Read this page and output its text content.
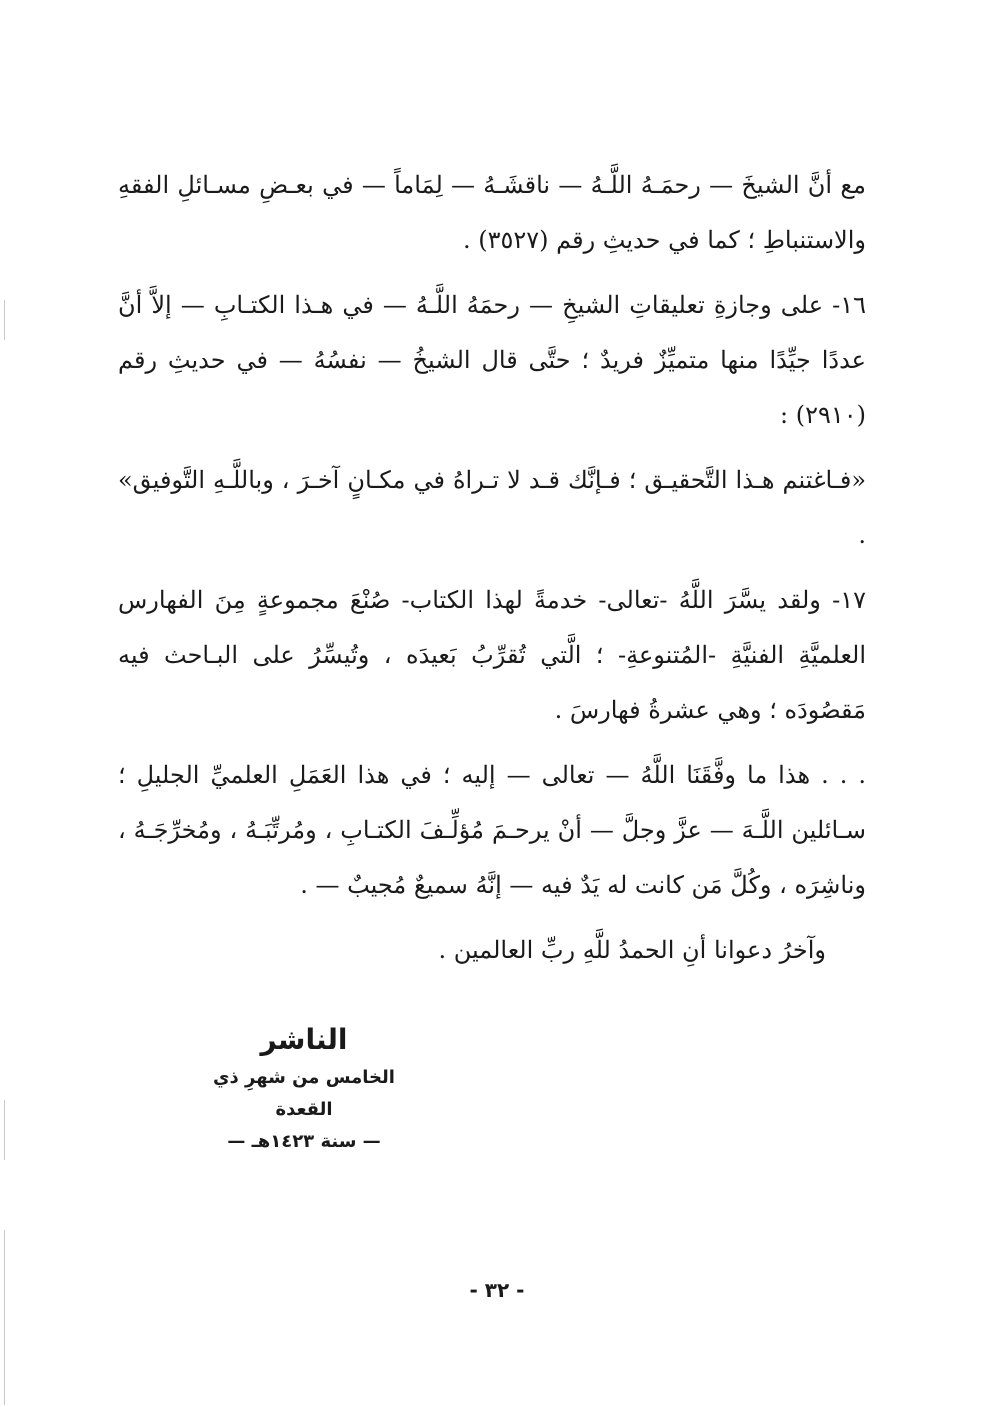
مع أنَّ الشيخَ — رحمَـهُ اللَّـهُ — ناقشَـهُ — لِمَاماً — في بعـضِ مسـائلِ الفقهِ والاستنباطِ ؛ كما في حديثِ رقم (٣٥٢٧) .

١٦- على وجازةِ تعليقاتِ الشيخِ — رحمَهُ اللَّـهُ — في هـذا الكتـابِ — إلاَّ أنَّ عددًا جيِّدًا منها متميِّزٌ فريدٌ ؛ حتَّى قال الشيخُ — نفسُهُ — في حديثِ رقم (٢٩١٠) :

«فـاغتنم هـذا التَّحقيـق ؛ فـإنَّك قـد لا تـراهُ في مكـانٍ آخـرَ ، وباللَّـهِ التَّوفيق» .

١٧- ولقد يسَّرَ اللَّهُ -تعالى- خدمةً لهذا الكتاب- صُنْعَ مجموعةٍ مِنَ الفهارس العلميَّةِ الفنيَّةِ -المُتنوعةِ- ؛ الَّتي تُقرِّبُ بَعيدَه ، وتُيسِّرُ على البـاحث فيه مَقصُودَه ؛ وهي عشرةُ فهارسَ .

. . . هذا ما وفَّقَنَا اللَّهُ — تعالى — إليه ؛ في هذا العَمَلِ العلميِّ الجليلِ ؛ سـائلين اللَّـهَ — عزَّ وجلَّ — أنْ يرحـمَ مُؤلِّـفَ الكتـابِ ، ومُرتِّبَـهُ ، ومُخرِّجَـهُ ، وناشِرَه ، وكُلَّ مَن كانت له يَدٌ فيه — إنَّهُ سميعٌ مُجيبٌ — .

وآخرُ دعوانا أنِ الحمدُ للَّهِ ربِّ العالمين .

الناشر
الخامس من شهرِ ذي القعدة
— سنة ١٤٢٣هـ —
- ٣٢ -
